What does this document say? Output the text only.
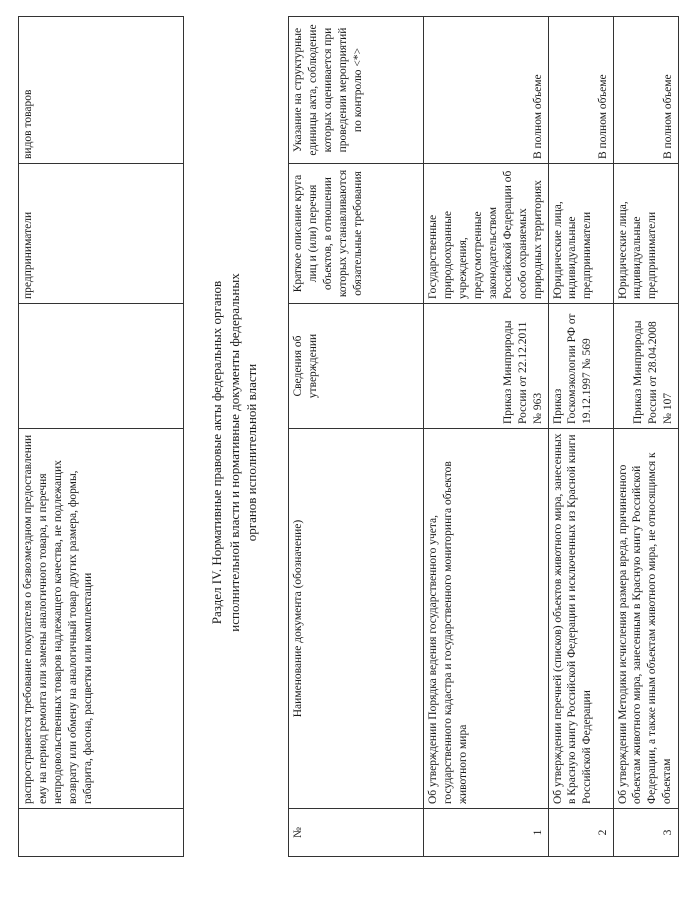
	распространяется требование покупателя о безвозмездном предоставлении ему на период ремонта или замены аналогичного товара, и перечня непродовольственных товаров надлежащего качества, не подлежащих возврату или обмену на аналогичный товар других размера, формы, габарита, фасона, расцветки или комплектации		предприниматели	видов товаров
Раздел IV. Нормативные правовые акты федеральных органов исполнительной власти и нормативные документы федеральных органов исполнительной власти
№	Наименование документа (обозначение)	Сведения об утверждении	Краткое описание круга лиц и (или) перечня объектов, в отношении которых устанавливаются обязательные требования	Указание на структурные единицы акта, соблюдение которых оценивается при проведении мероприятий по контролю <*>
1	Об утверждении Порядка ведения государственного учета, государственного кадастра и государственного мониторинга объектов животного мира	Приказ Минприроды России от 22.12.2011 № 963	Государственные природоохранные учреждения, предусмотренные законодательством Российской Федерации об особо охраняемых природных территориях	В полном объеме
2	Об утверждении перечней (списков) объектов животного мира, занесенных в Красную книгу Российской Федерации и исключенных из Красной книги Российской Федерации	Приказ Госкомэкологии РФ от 19.12.1997 № 569	Юридические лица, индивидуальные предприниматели	В полном объеме
3	Об утверждении Методики исчисления размера вреда, причиненного объектам животного мира, занесенным в Красную книгу Российской Федерации, а также иным объектам животного мира, не относящимся к объектам	Приказ Минприроды России от 28.04.2008 № 107	Юридические лица, индивидуальные предприниматели	В полном объеме
